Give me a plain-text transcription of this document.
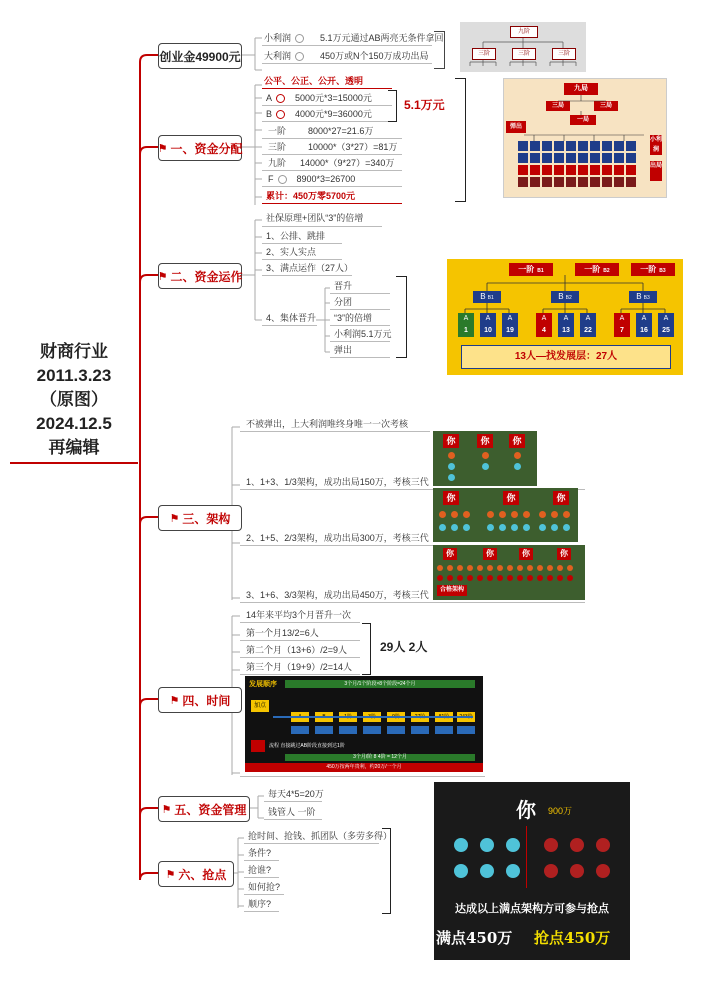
财商行业
2011.3.23
（原图）
2024.12.5
再编辑
创业金49900元
小利润	5.1万元通过AB两亮无条件拿回
大利润	450万或N个150万成功出局
九阶
三阶	三阶	三阶
⚑ 一、资金分配
公平、公正、公开、透明
A	5000元*3=15000元
B	4000元*9=36000元
5.1万元
一阶 8000*27=21.6万
三阶 10000*（3*27）=81万
九阶 14000*（9*27）=340万
F	8900*3=26700
累计：450万零5700元
九局
三局	三局
一局
弹出
小利润
出局
⚑ 二、资金运作
社保原理+团队“3”的倍增
1、公排、跳排
2、实人实点
3、满点运作（27人）
4、集体晋升
晋升
分团
“3”的倍增
小利润5.1万元
弹出
一阶 B1	一阶 B2	一阶 B3
B B1	B B2	B B3
A
1
A
10
A
19
A
4
A
13
A
22
A
7
A
16
A
25
13人—找发展层：27人
⚑ 三、架构
不被弹出，上大利润唯终身唯一一次考核
1、1+3、1/3架构，成功出局150万，考核三代
2、1+5、2/3架构，成功出局300万，考核三代
3、1+6、3/3架构，成功出局450万，考核三代
你	你	你
你	你	你
你	你	你	你
合格架构
⚑ 四、时间
14年来平均3个月晋升一次
第一个月13/2=6人
第二个月（13+6）/2=9人
第三个月（19+9）/2=14人
29人 2人
发展顺序	3个月/1个阶段×8个阶段=24个月
加点
流程 直接跳过AB阶段直接到达1阶
3个月/阶 8 4阶 = 12个月
450万按两年贵利，约20万/一个月
⚑ 五、资金管理
每天4*5=20万
钱管人 一阶
⚑ 六、抢点
抢时间、抢钱、抓团队（多劳多得）
条件?
抢谁?
如何抢?
顺序?
你 900万
达成以上满点架构方可参与抢点
满点450万 抢点450万
